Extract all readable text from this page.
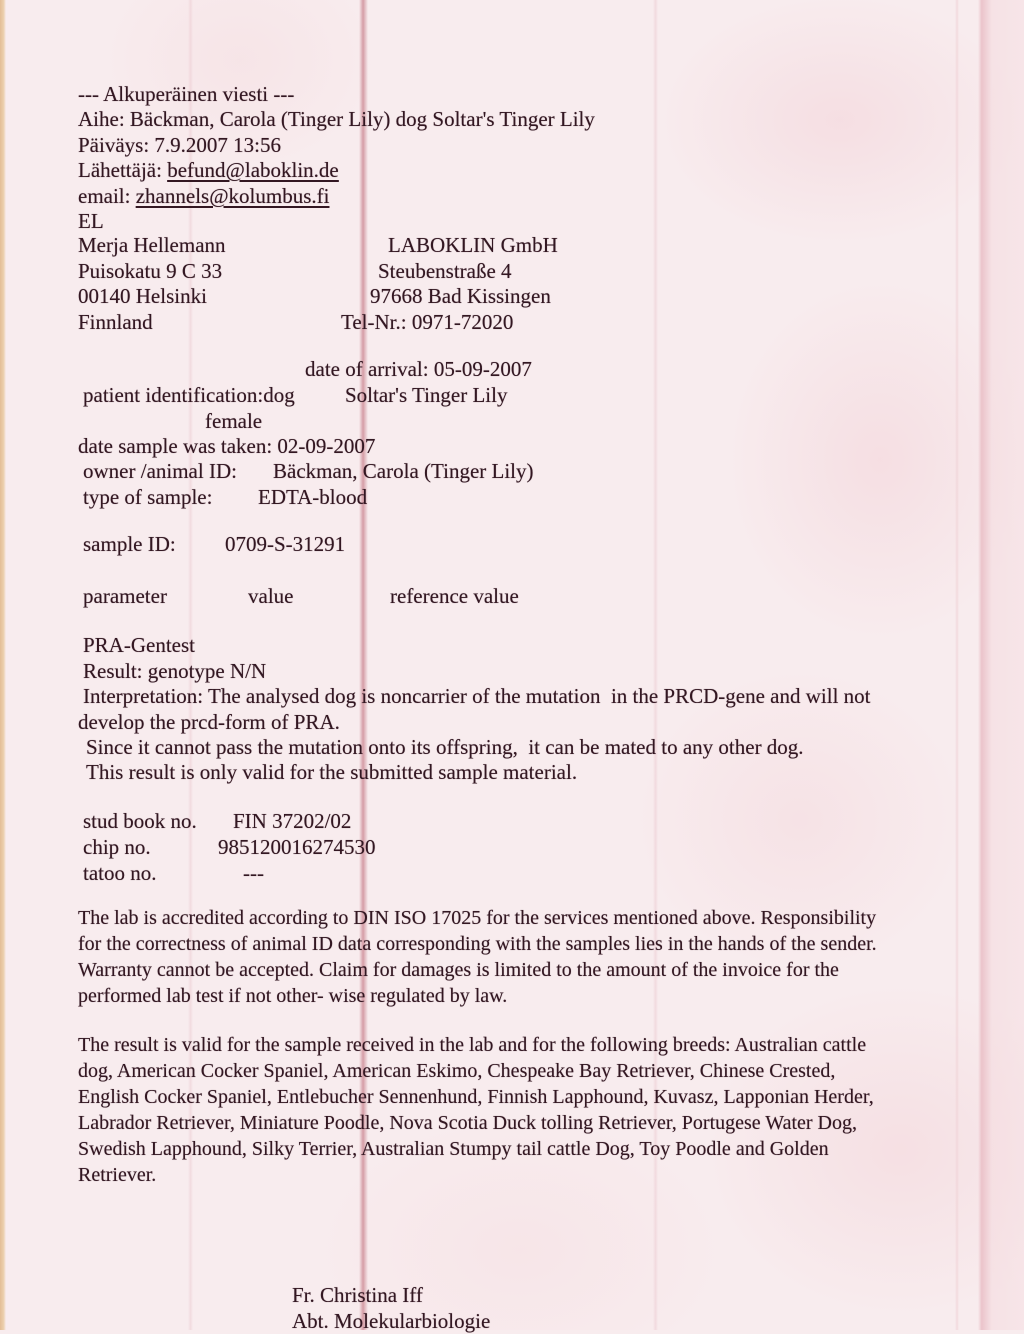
--- Alkuperäinen viesti ---
Aihe: Bäckman, Carola (Tinger Lily) dog Soltar's Tinger Lily
Päiväys: 7.9.2007 13:56
Lähettäjä: befund@laboklin.de
email: zhannels@kolumbus.fi
EL
Merja Hellemann
Puisokatu 9 C 33
00140 Helsinki
Finnland
LABOKLIN GmbH
Steubenstraße 4
97668 Bad Kissingen
Tel-Nr.: 0971-72020
date of arrival: 05-09-2007
patient identification:dog Soltar's Tinger Lily
female
date sample was taken: 02-09-2007
owner /animal ID: Bäckman, Carola (Tinger Lily)
type of sample: EDTA-blood
sample ID: 0709-S-31291
parameter	value	reference value
PRA-Gentest
Result: genotype N/N
Interpretation: The analysed dog is noncarrier of the mutation  in the PRCD-gene and will not
develop the prcd-form of PRA.
Since it cannot pass the mutation onto its offspring,  it can be mated to any other dog.
This result is only valid for the submitted sample material.
stud book no. FIN 37202/02
chip no.	985120016274530
tatoo no.	---
The lab is accredited according to DIN ISO 17025 for the services mentioned above. Responsibility
for the correctness of animal ID data corresponding with the samples lies in the hands of the sender.
Warranty cannot be accepted. Claim for damages is limited to the amount of the invoice for the
performed lab test if not other- wise regulated by law.
The result is valid for the sample received in the lab and for the following breeds: Australian cattle
dog, American Cocker Spaniel, American Eskimo, Chespeake Bay Retriever, Chinese Crested,
English Cocker Spaniel, Entlebucher Sennenhund, Finnish Lapphound, Kuvasz, Lapponian Herder,
Labrador Retriever, Miniature Poodle, Nova Scotia Duck tolling Retriever, Portugese Water Dog,
Swedish Lapphound, Silky Terrier, Australian Stumpy tail cattle Dog, Toy Poodle and Golden
Retriever.
Fr. Christina Iff
Abt. Molekularbiologie
